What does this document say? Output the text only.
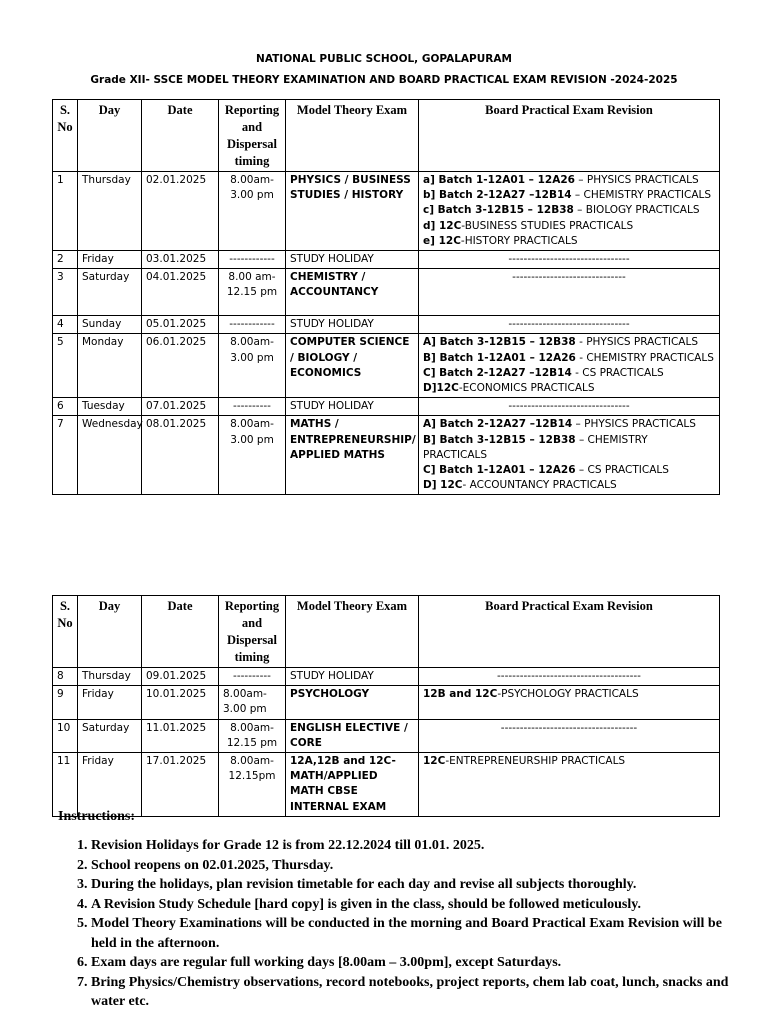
NATIONAL PUBLIC SCHOOL, GOPALAPURAM
Grade XII- SSCE MODEL THEORY EXAMINATION AND BOARD PRACTICAL EXAM REVISION -2024-2025
S. No	Day	Date	Reporting and Dispersal timing	Model Theory Exam	Board Practical Exam Revision
1	Thursday	02.01.2025	8.00am- 3.00 pm	PHYSICS / BUSINESS STUDIES / HISTORY	a] Batch 1-12A01 – 12A26 – PHYSICS PRACTICALS
b] Batch 2-12A27 –12B14 – CHEMISTRY PRACTICALS
c] Batch 3-12B15 – 12B38 – BIOLOGY PRACTICALS
d] 12C-BUSINESS STUDIES PRACTICALS
e] 12C-HISTORY PRACTICALS

2	Friday	03.01.2025	------------	STUDY HOLIDAY	--------------------------------
3	Saturday	04.01.2025	8.00 am- 12.15 pm	CHEMISTRY / ACCOUNTANCY	------------------------------
4	Sunday	05.01.2025	------------	STUDY HOLIDAY	--------------------------------
5	Monday	06.01.2025	8.00am- 3.00 pm	COMPUTER SCIENCE / BIOLOGY / ECONOMICS	A] Batch 3-12B15 – 12B38 - PHYSICS PRACTICALS
B] Batch 1-12A01 – 12A26 - CHEMISTRY PRACTICALS
C] Batch 2-12A27 –12B14 - CS PRACTICALS
D]12C-ECONOMICS PRACTICALS

6	Tuesday	07.01.2025	----------	STUDY HOLIDAY	--------------------------------
7	Wednesday	08.01.2025	8.00am- 3.00 pm	MATHS / ENTREPRENEURSHIP/ APPLIED MATHS	A] Batch 2-12A27 –12B14 – PHYSICS PRACTICALS
B] Batch 3-12B15 – 12B38 – CHEMISTRY PRACTICALS
C] Batch 1-12A01 – 12A26 – CS PRACTICALS
D] 12C- ACCOUNTANCY PRACTICALS
S. No	Day	Date	Reporting and Dispersal timing	Model Theory Exam	Board Practical Exam Revision
8	Thursday	09.01.2025	----------	STUDY HOLIDAY	--------------------------------------
9	Friday	10.01.2025	8.00am- 3.00 pm	PSYCHOLOGY	12B and 12C-PSYCHOLOGY PRACTICALS

10	Saturday	11.01.2025	8.00am- 12.15 pm	ENGLISH ELECTIVE / CORE	------------------------------------
11	Friday	17.01.2025	8.00am- 12.15pm	12A,12B and 12C- MATH/APPLIED MATH CBSE INTERNAL EXAM	12C-ENTREPRENEURSHIP PRACTICALS
Instructions:
1. Revision Holidays for Grade 12 is from 22.12.2024 till 01.01. 2025.
2. School reopens on 02.01.2025, Thursday.
3. During the holidays, plan revision timetable for each day and revise all subjects thoroughly.
4. A Revision Study Schedule [hard copy] is given in the class, should be followed meticulously.
5. Model Theory Examinations will be conducted in the morning and Board Practical Exam Revision will be held in the afternoon.
6. Exam days are regular full working days [8.00am – 3.00pm], except Saturdays.
7. Bring Physics/Chemistry observations, record notebooks, project reports, chem lab coat, lunch, snacks and water etc.
